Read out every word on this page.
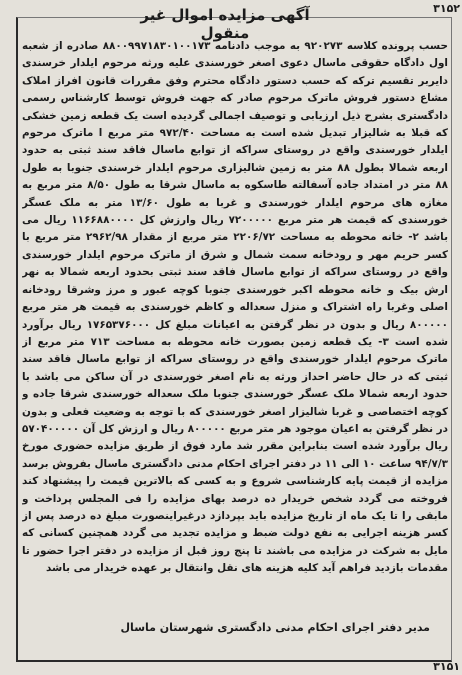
۳۱۵۲
آگهی مزایده اموال غیر منقول
حسب پرونده کلاسه ۹۲۰۲۷۳ به موجب دادنامه ۸۸۰۰۹۹۷۱۸۳۰۱۰۰۱۷۳ صادره از شعبه اول دادگاه حقوقی ماسال دعوی اصغر خورسندی علیه ورثه مرحوم ایلدار خرسندی دایربر تقسیم ترکه که حسب دستور دادگاه محترم وفق مقررات قانون افراز املاک مشاع دستور فروش ماترک مرحوم صادر که جهت فروش توسط کارشناس رسمی دادگستری بشرح ذیل ارزیابی و توصیف اجمالی گردیده است یک قطعه زمین خشکی که قبلا به شالیزار تبدیل شده است به مساحت ۹۷۲/۴۰ متر مربع ا ماترک مرحوم ایلدار خورسندی واقع در روستای سراکه از توابع ماسال فاقد سند ثبتی به حدود اربعه شمالا بطول ۸۸ متر به زمین شالیزاری مرحوم ایلدار خرسندی جنوبا به طول ۸۸ متر در امتداد جاده آسفالته طاسکوه به ماسال شرقا به طول ۸/۵۰ متر مربع به مغازه های مرحوم ایلدار خورسندی و غربا به طول ۱۳/۶۰ متر به ملک عسگر خورسندی که قیمت هر متر مربع ۷۲۰۰۰۰۰ ریال وارزش کل ۱۱۶۶۸۸۰۰۰۰ ریال می باشد ۲- خانه محوطه به مساحت ۲۲۰۶/۷۲ متر مربع از مقدار ۲۹۶۲/۹۸ متر مربع با کسر حریم مهر و رودخانه سمت شمال و شرق از ماترک مرحوم ایلدار خورسندی واقع در روستای سراکه از توابع ماسال فاقد سند ثبتی بحدود اربعه شمالا به نهر ارش بیک و خانه محوطه اکبر خورسندی جنوبا کوچه عبور و مرز وشرقا رودخانه اصلی وغربا راه اشتراک و منزل سعداله و کاظم خورسندی به قیمت هر متر مربع ۸۰۰۰۰۰ ریال و بدون در نظر گرفتن به اعیانات مبلغ کل ۱۷۶۵۳۷۶۰۰۰ ریال برآورد شده است ۳- یک قطعه زمین بصورت خانه محوطه به مساحت ۷۱۳ متر مربع از ماترک مرحوم ایلدار خورسندی واقع در روستای سراکه از توابع ماسال فاقد سند ثبتی که در حال حاضر احداز ورثه به نام اصغر خورسندی در آن ساکن می باشد با حدود اربعه شمالا ملک عسگر خورسندی جنوبا ملک سعداله خورسندی شرقا جاده و کوچه اختصاصی و غربا شالیزار اصغر خورسندی که با توجه به وضعیت فعلی و بدون در نظر گرفتن به اعیان موجود هر متر مربع ۸۰۰۰۰۰ ریال و ارزش کل آن ۵۷۰۴۰۰۰۰۰ ریال برآورد شده است بنابراین مقرر شد مارد فوق از طریق مزایده حضوری مورخ ۹۴/۷/۳ ساعت ۱۰ الی ۱۱ در دفتر اجرای احکام مدنی دادگستری ماسال بفروش برسد مزایده از قیمت پایه کارشناسی شروع و به کسی که بالاترین قیمت را پیشنهاد کند فروخته می گردد شخص خریدار ده درصد بهای مزایده را فی المجلس پرداخت و مابقی را تا یک ماه از تاریخ مزایده باید بپردازد درغیراینصورت مبلغ ده درصد پس از کسر هزینه اجرایی به نفع دولت ضبط و مزایده تجدید می گردد همچنین کسانی که مایل به شرکت در مزایده می باشند تا پنج روز قبل از مزایده در دفتر اجرا حضور تا مقدمات بازدید فراهم آید کلیه هزینه های نقل وانتقال بر عهده خریدار می باشد
مدیر دفتر اجرای احکام مدنی دادگستری شهرستان ماسال
۳۱۵۱
